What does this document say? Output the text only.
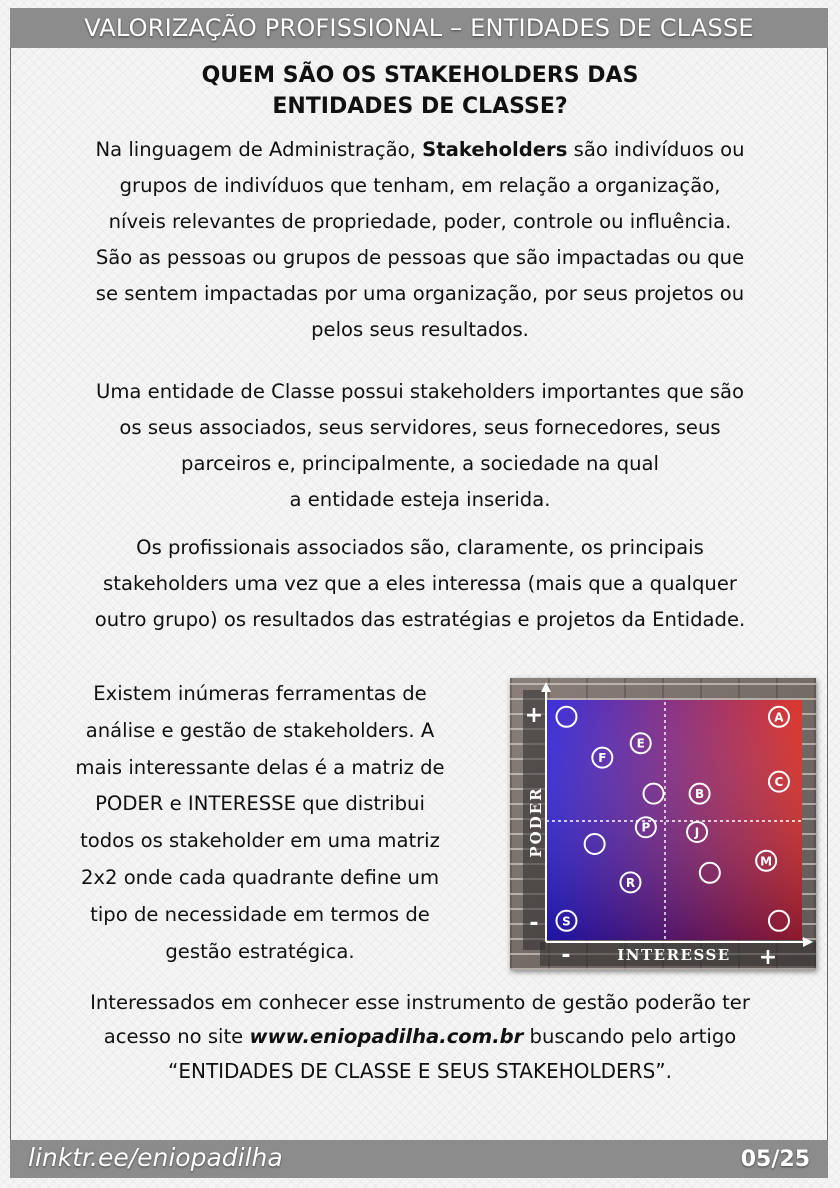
VALORIZAÇÃO PROFISSIONAL – ENTIDADES DE CLASSE
QUEM SÃO OS STAKEHOLDERS DAS
ENTIDADES DE CLASSE?
Na linguagem de Administração, Stakeholders são indivíduos ou
grupos de indivíduos que tenham, em relação a organização,
níveis relevantes de propriedade, poder, controle ou influência.
São as pessoas ou grupos de pessoas que são impactadas ou que
se sentem impactadas por uma organização, por seus projetos ou
pelos seus resultados.
Uma entidade de Classe possui stakeholders importantes que são
os seus associados, seus servidores, seus fornecedores, seus
parceiros e, principalmente, a sociedade na qual
a entidade esteja inserida.
Os profissionais associados são, claramente, os principais
stakeholders uma vez que a eles interessa (mais que a qualquer
outro grupo) os resultados das estratégias e projetos da Entidade.
Existem inúmeras ferramentas de
análise e gestão de stakeholders. A
mais interessante delas é a matriz de
PODER e INTERESSE que distribui
todos os stakeholder em uma matriz
2x2 onde cada quadrante define um
tipo de necessidade em termos de
gestão estratégica.
+
-
-	+
INTERESSE
PODER
A
E
F
C
B
P	J
M
R
S
Interessados em conhecer esse instrumento de gestão poderão ter
acesso no site www.eniopadilha.com.br buscando pelo artigo
“ENTIDADES DE CLASSE E SEUS STAKEHOLDERS”.
linktr.ee/eniopadilha	05/25
